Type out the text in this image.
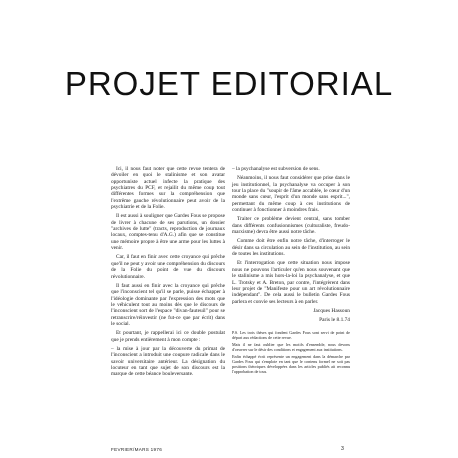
PROJET EDITORIAL

Ici, il nous faut noter que cette revue tentera de dévoiler en quoi le stalinisme et son avatar opportuniste actuel infecte la pratique des psychiatres du PCF, et rejailit du même coup tout différentes formes sur la compréhension que l'extrême gauche révolutionnaire peut avoir de la psychiatrie et de la Folie.

Il est aussi à souligner que Gardes Fous se propose de livrer à chacune de ses parutions, un dossier "archives de lutte" (tracts, reproduction de journaux locaux, comptes-tenu d'A.G.) afin que se constitue une mémoire propre à être une arme pour les luttes à venir.

Car, il faut en finir avec cette croyance qui prêche que'il ne peut y avoir une compréhension du discours de la Folie du point de vue du discours révolutionnaire.

Il faut aussi en finir avec la croyance qui prêche que l'inconscient tel qu'il se parle, puisse échapper à l'idéologie dominante par l'expression des mots que le véhiculent tout au moins dès que le discours de l'inconscient sort de l'espace "divan-fauteuil" pour se retranscrire/réinvestir (ne fut-ce que par écrit) dans le social.

Et pourtant, je rappellerai ici ce double postulat que je prends entièrement à mon compte :

– la mise à jour par la découverte du primat de l'inconscient a introduit une coupure radicale dans le savoir universitaire antérieur. La désignation du locuteur en tant que sujet de son discours est la marque de cette béance bouleversante.

– la psychanalyse est subversion de sens.

Néanmoins, il nous faut considérer que prise dans le jeu institutionnel, la psychanalyse va occuper à son tour la place du "soupir de l'âme accablée, le cœur d'un monde sans cœur, l'esprit d'un monde sans esprit...", permettant du même coup à ces institutions de continuer à fonctionner à moindres frais.

Traiter ce problème devient central, sans tomber dans différents confusionnismes (culturaliste, freudo-marxisme) devra être aussi notre tâche.

Comme doit être enfin notre tâche, d'interroger le désir dans sa circulation au sein de l'institution, au sein de toutes les institutions.

Et l'interrogation que cette situation nous impose nous ne pouvons l'articuler qu'en nous souvenant que le stalinisme a mis hors-la-loi la psychanalyse, et que L. Trotsky et A. Breton, par contre, l'intégrèrent dans leur projet de "Manifeste pour un art révolutionnaire indépendant". De cela aussi le bulletin Gardes Fous parlera et convie ses lecteurs à en parler.

Jacques Hassoun

Paris le 8.1.74

P.S. Les trois thèses qui fondent Gardes Fous sont servi de point de départ aux rédactions de cette revue.

Mais il ne faut oublier que les motifs d'ensemble, nous devons d'oeuvrer sur le désir des conditions et engagement aux institutions.

Enfin échappé écrit représente un engagement dans la démarche par Gardes Fous qui s'emploie en tant que le contenu formel ne soit pas positions théoriques développées dans les articles publiés ait reconnu l'approbation de tous.

FEVRIER/MARS 1976	3
